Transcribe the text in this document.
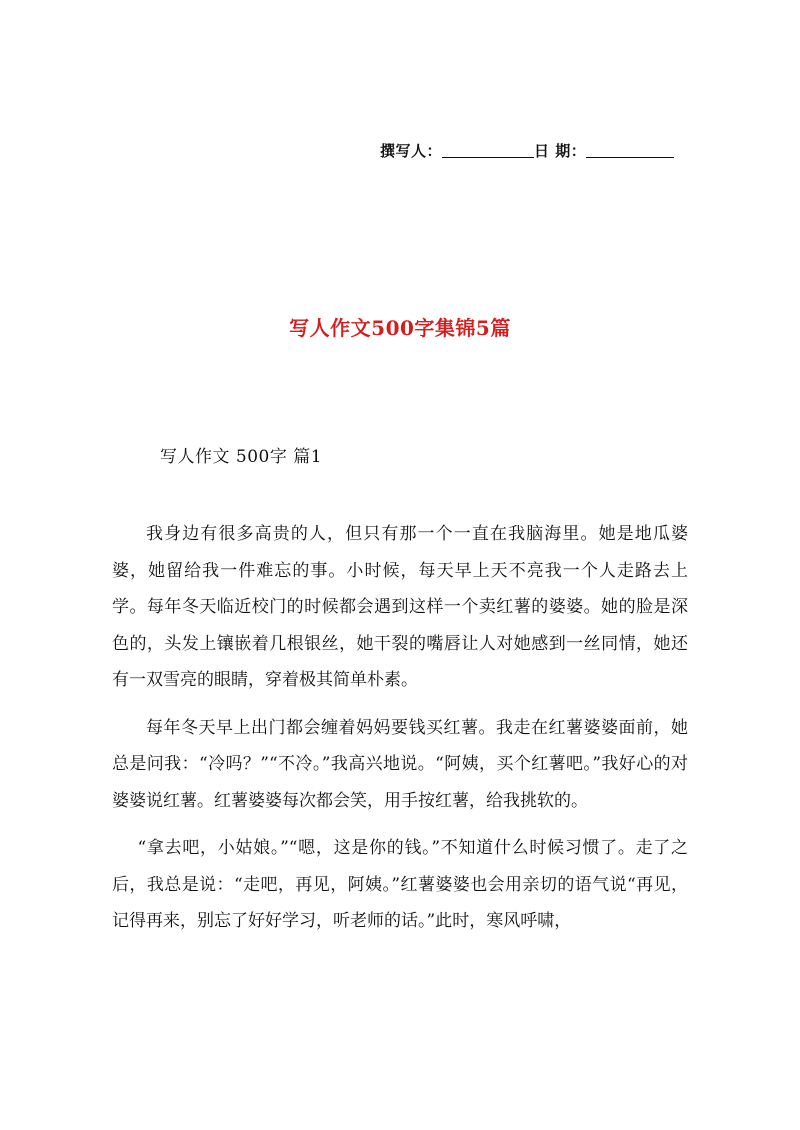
撰写人：	日 期：
写人作文500字集锦5篇
写人作文 500字 篇1

我身边有很多高贵的人，但只有那一个一直在我脑海里。她是地瓜婆婆，她留给我一件难忘的事。小时候，每天早上天不亮我一个人走路去上学。每年冬天临近校门的时候都会遇到这样一个卖红薯的婆婆。她的脸是深色的，头发上镶嵌着几根银丝，她干裂的嘴唇让人对她感到一丝同情，她还有一双雪亮的眼睛，穿着极其简单朴素。

每年冬天早上出门都会缠着妈妈要钱买红薯。我走在红薯婆婆面前，她总是问我：“冷吗？”“不冷。”我高兴地说。“阿姨，买个红薯吧。”我好心的对婆婆说红薯。红薯婆婆每次都会笑，用手按红薯，给我挑软的。

“拿去吧，小姑娘。”“嗯，这是你的钱。”不知道什么时候习惯了。走了之后，我总是说：“走吧，再见，阿姨。”红薯婆婆也会用亲切的语气说“再见，记得再来，别忘了好好学习，听老师的话。”此时，寒风呼啸，
